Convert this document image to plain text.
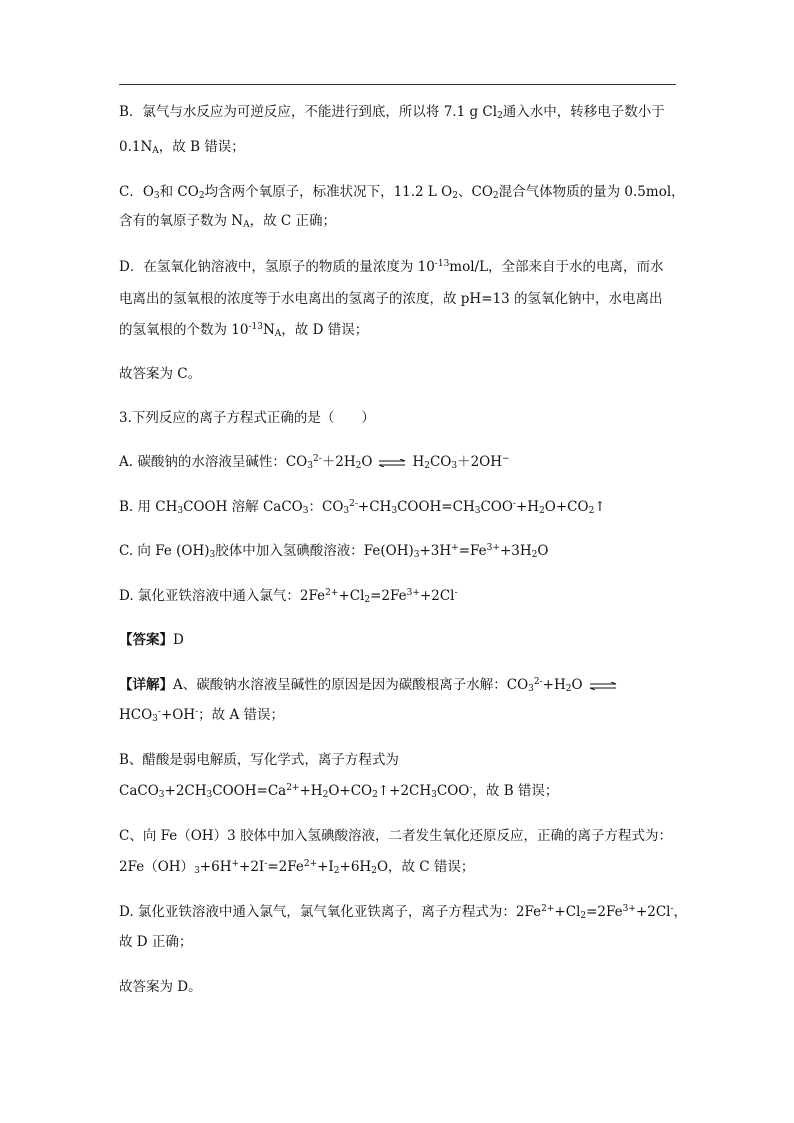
B．氯气与水反应为可逆反应，不能进行到底，所以将 7.1 g $Cl_2$通入水中，转移电子数小于
$0.1N_A$，故 B 错误；
C．$O_3$和 $CO_2$均含两个氧原子，标准状况下，11.2 L $O_2$、$CO_2$混合气体物质的量为 0.5mol，
含有的氧原子数为 $N_A$，故 C 正确；
D．在氢氧化钠溶液中，氢原子的物质的量浓度为 $10^{-13}mol/L$，全部来自于水的电离，而水
电离出的氢氧根的浓度等于水电离出的氢离子的浓度，故 pH=13 的氢氧化钠中，水电离出
的氢氧根的个数为 $10^{-13}N_A$，故 D 错误；
故答案为 C。
3.下列反应的离子方程式正确的是（　　）
A. 碳酸钠的水溶液呈碱性：$CO_3^{2-}+2H_2O$ ⇌ $H_2CO_3+2OH^-$
B. 用 $CH_3COOH$ 溶解 CaCO$_3$：$CO_3^{2-}+CH_3COOH=CH_3COO^-+H_2O+CO_2↑$
C. 向 Fe $(OH)_3$胶体中加入氢碘酸溶液：$Fe(OH)_3+3H^+=Fe^{3+}+3H_2O$
D. 氯化亚铁溶液中通入氯气：$2Fe^{2+}+Cl_2=2Fe^{3+}+2Cl^-$
【答案】D
【详解】A、碳酸钠水溶液呈碱性的原因是因为碳酸根离子水解：$CO_3^{2-}+H_2O$ ⇌
$HCO_3^-+OH^-$；故 A 错误；
B、醋酸是弱电解质，写化学式，离子方程式为
$CaCO_3+2CH_3COOH=Ca^{2+}+H_2O+CO_2↑+2CH_3COO^-$，故 B 错误；
C、向 Fe（OH）3 胶体中加入氢碘酸溶液，二者发生氧化还原反应，正确的离子方程式为：
$2Fe(OH)_3+6H^++2I^-=2Fe^{2+}+I_2+6H_2O$，故 C 错误；
D. 氯化亚铁溶液中通入氯气，氯气氧化亚铁离子，离子方程式为：$2Fe^{2+}+Cl_2=2Fe^{3+}+2Cl^-$，
故 D 正确；
故答案为 D。
